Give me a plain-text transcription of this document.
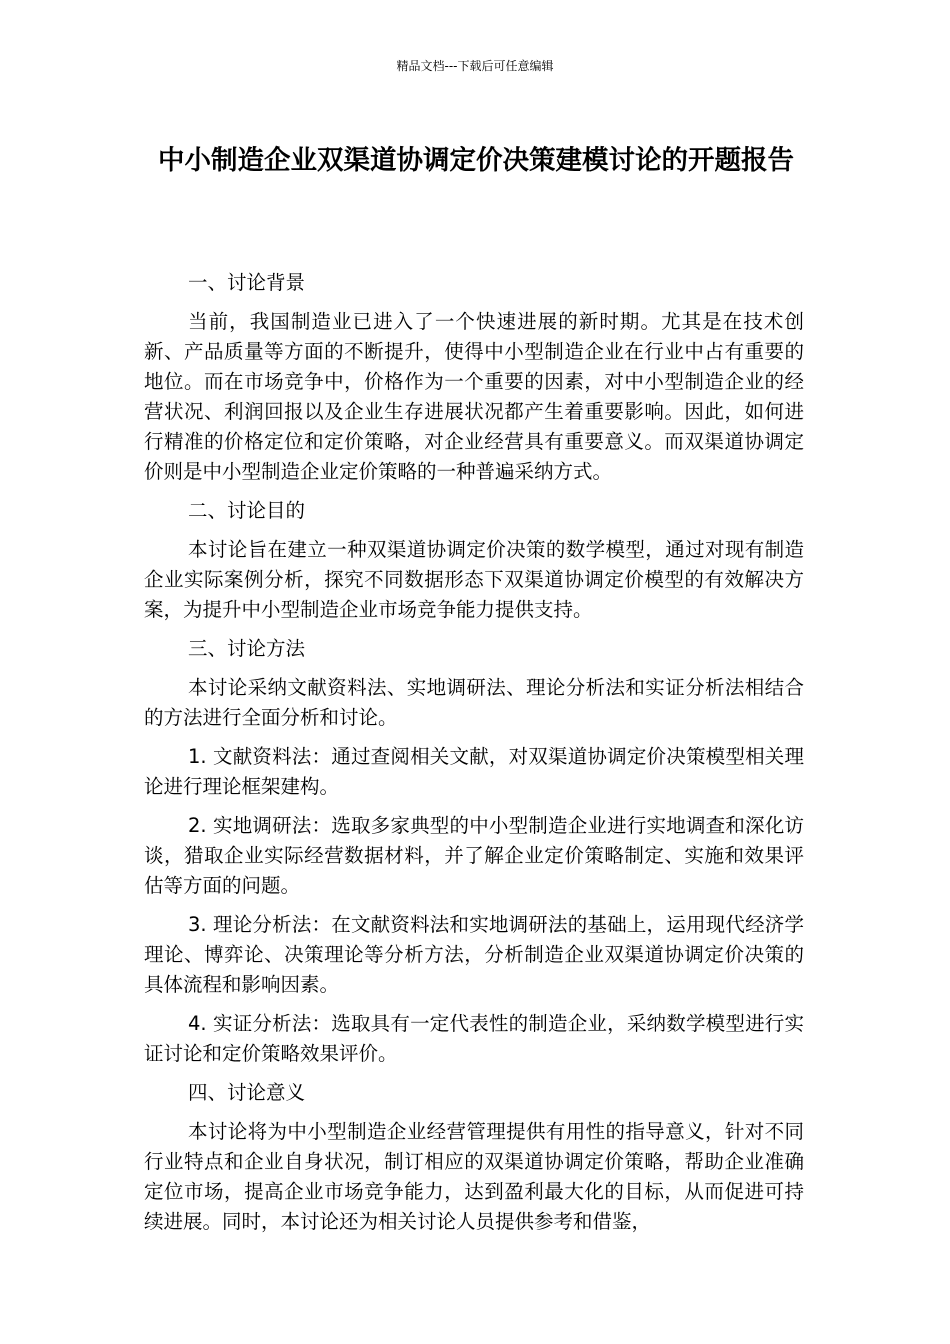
精品文档---下载后可任意编辑
中小制造企业双渠道协调定价决策建模讨论的开题报告

一、讨论背景

当前，我国制造业已进入了一个快速进展的新时期。尤其是在技术创新、产品质量等方面的不断提升，使得中小型制造企业在行业中占有重要的地位。而在市场竞争中，价格作为一个重要的因素，对中小型制造企业的经营状况、利润回报以及企业生存进展状况都产生着重要影响。因此，如何进行精准的价格定位和定价策略，对企业经营具有重要意义。而双渠道协调定价则是中小型制造企业定价策略的一种普遍采纳方式。

二、讨论目的

本讨论旨在建立一种双渠道协调定价决策的数学模型，通过对现有制造企业实际案例分析，探究不同数据形态下双渠道协调定价模型的有效解决方案，为提升中小型制造企业市场竞争能力提供支持。

三、讨论方法

本讨论采纳文献资料法、实地调研法、理论分析法和实证分析法相结合的方法进行全面分析和讨论。

1. 文献资料法：通过查阅相关文献，对双渠道协调定价决策模型相关理论进行理论框架建构。

2. 实地调研法：选取多家典型的中小型制造企业进行实地调查和深化访谈，猎取企业实际经营数据材料，并了解企业定价策略制定、实施和效果评估等方面的问题。

3. 理论分析法：在文献资料法和实地调研法的基础上，运用现代经济学理论、博弈论、决策理论等分析方法，分析制造企业双渠道协调定价决策的具体流程和影响因素。

4. 实证分析法：选取具有一定代表性的制造企业，采纳数学模型进行实证讨论和定价策略效果评价。

四、讨论意义

本讨论将为中小型制造企业经营管理提供有用性的指导意义，针对不同行业特点和企业自身状况，制订相应的双渠道协调定价策略，帮助企业准确定位市场，提高企业市场竞争能力，达到盈利最大化的目标，从而促进可持续进展。同时，本讨论还为相关讨论人员提供参考和借鉴，
